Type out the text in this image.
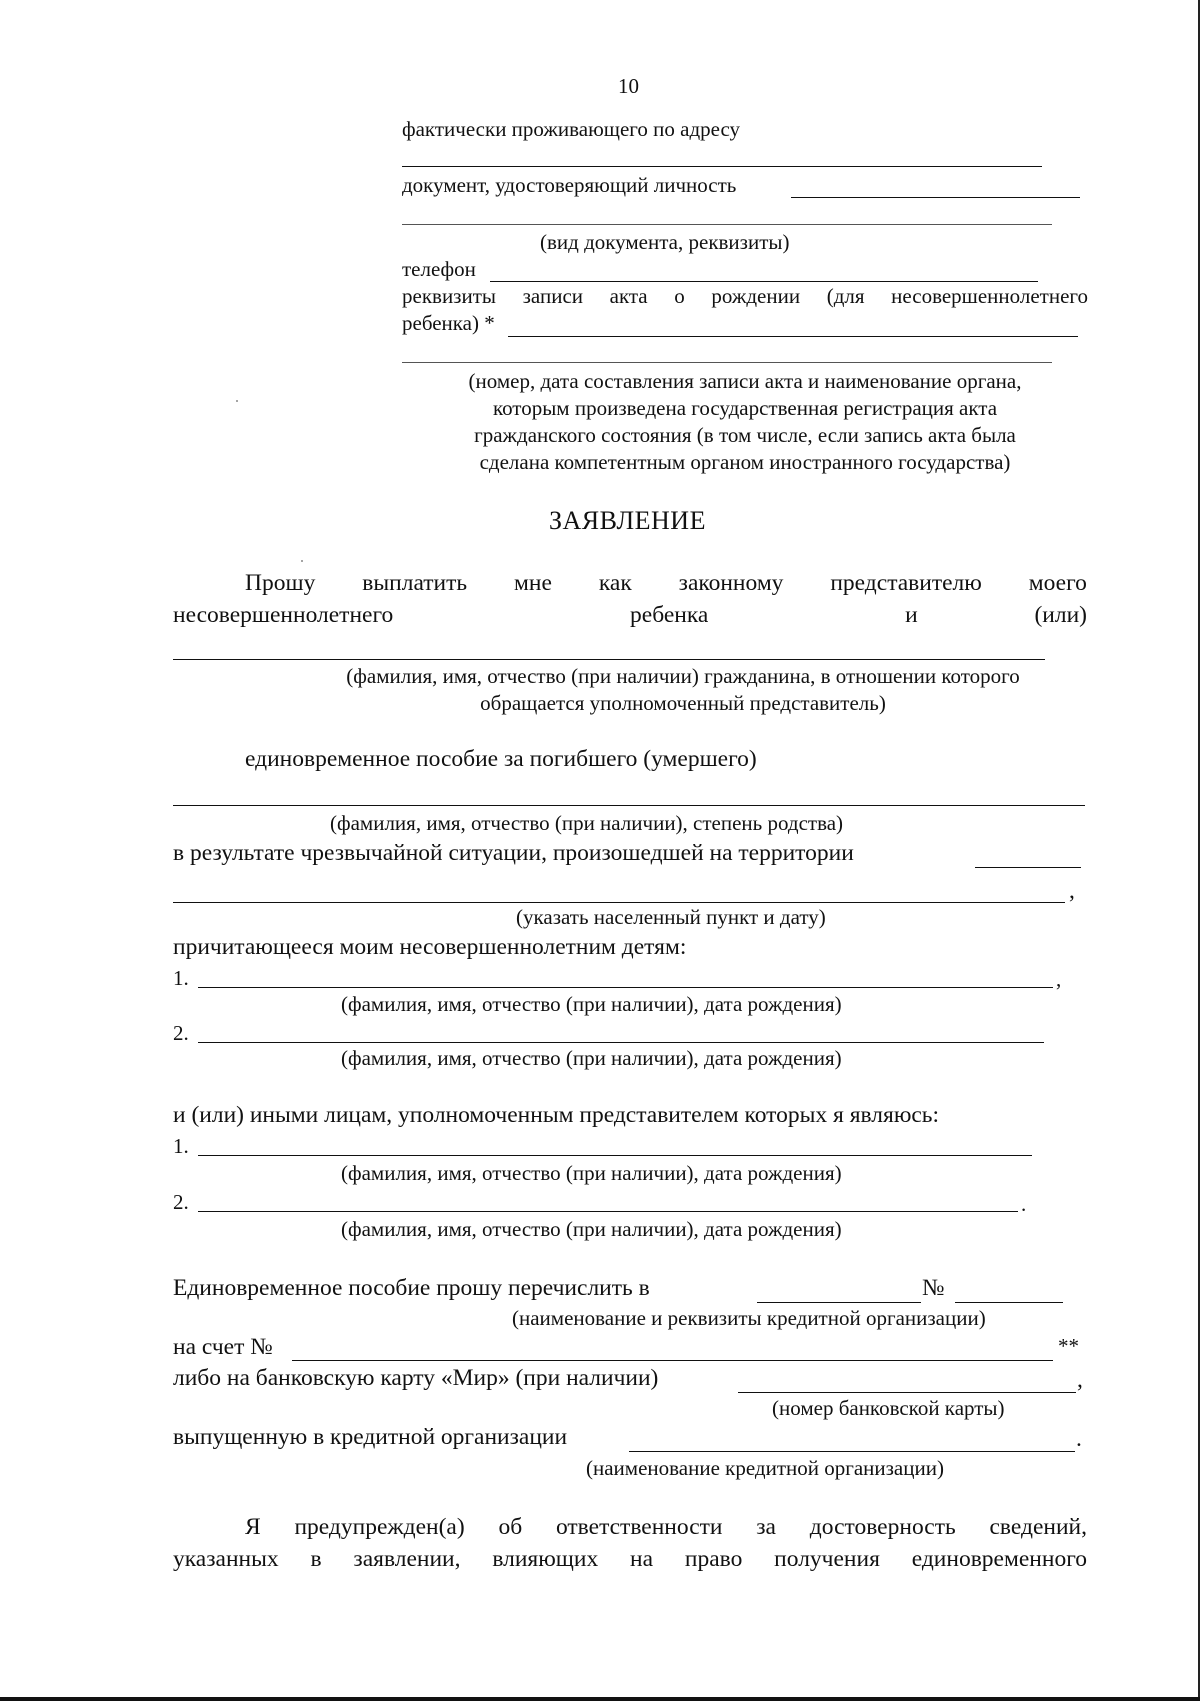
10
фактически проживающего по адресу
документ, удостоверяющий личность
(вид документа, реквизиты)
телефон
реквизиты записи акта о рождении (для несовершеннолетнего
ребенка) *
(номер, дата составления записи акта и наименование органа,
которым произведена государственная регистрация акта
гражданского состояния (в том числе, если запись акта была
сделана компетентным органом иностранного государства)
ЗАЯВЛЕНИЕ
Прошу выплатить мне как законному представителю моего
несовершеннолетнего	ребенка	и	(или)
(фамилия, имя, отчество (при наличии) гражданина, в отношении которого
обращается уполномоченный представитель)
единовременное пособие за погибшего (умершего)
(фамилия, имя, отчество (при наличии), степень родства)
в результате чрезвычайной ситуации, произошедшей на территории
,
(указать населенный пункт и дату)
причитающееся моим несовершеннолетним детям:
1.	,
(фамилия, имя, отчество (при наличии), дата рождения)
2.
(фамилия, имя, отчество (при наличии), дата рождения)
и (или) иными лицам, уполномоченным представителем которых я являюсь:
1.
(фамилия, имя, отчество (при наличии), дата рождения)
2.	.
(фамилия, имя, отчество (при наличии), дата рождения)
Единовременное пособие прошу перечислить в	№
(наименование и реквизиты кредитной организации)
на счет №	**
либо на банковскую карту «Мир» (при наличии)	,
(номер банковской карты)
выпущенную в кредитной организации	.
(наименование кредитной организации)
Я предупрежден(а) об ответственности за достоверность сведений,
указанных в заявлении, влияющих на право получения единовременного
